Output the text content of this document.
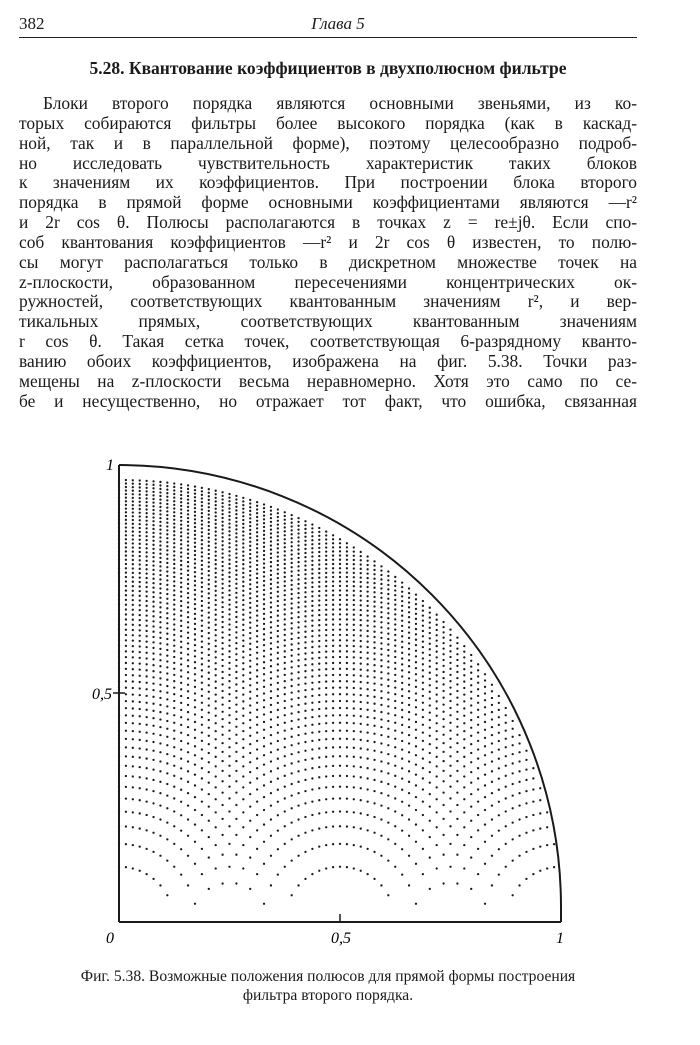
382	Глава 5
5.28. Квантование коэффициентов в двухполюсном фильтре
Блоки второго порядка являются основными звеньями, из ко-
торых собираются фильтры более высокого порядка (как в каскад-
ной, так и в параллельной форме), поэтому целесообразно подроб-
но исследовать чувствительность характеристик таких блоков
к значениям их коэффициентов. При построении блока второго
порядка в прямой форме основными коэффициентами являются —r²
и 2r cos θ. Полюсы располагаются в точках z = re±jθ. Если спо-
соб квантования коэффициентов —r² и 2r cos θ известен, то полю-
сы могут располагаться только в дискретном множестве точек на
z-плоскости, образованном пересечениями концентрических ок-
ружностей, соответствующих квантованным значениям r², и вер-
тикальных прямых, соответствующих квантованным значениям
r cos θ. Такая сетка точек, соответствующая 6-разрядному кванто-
ванию обоих коэффициентов, изображена на фиг. 5.38. Точки раз-
мещены на z-плоскости весьма неравномерно. Хотя это само по се-
бе и несущественно, но отражает тот факт, что ошибка, связанная
1
0,5
0	0,5	1
Фиг. 5.38. Возможные положения полюсов для прямой формы построения
фильтра второго порядка.
